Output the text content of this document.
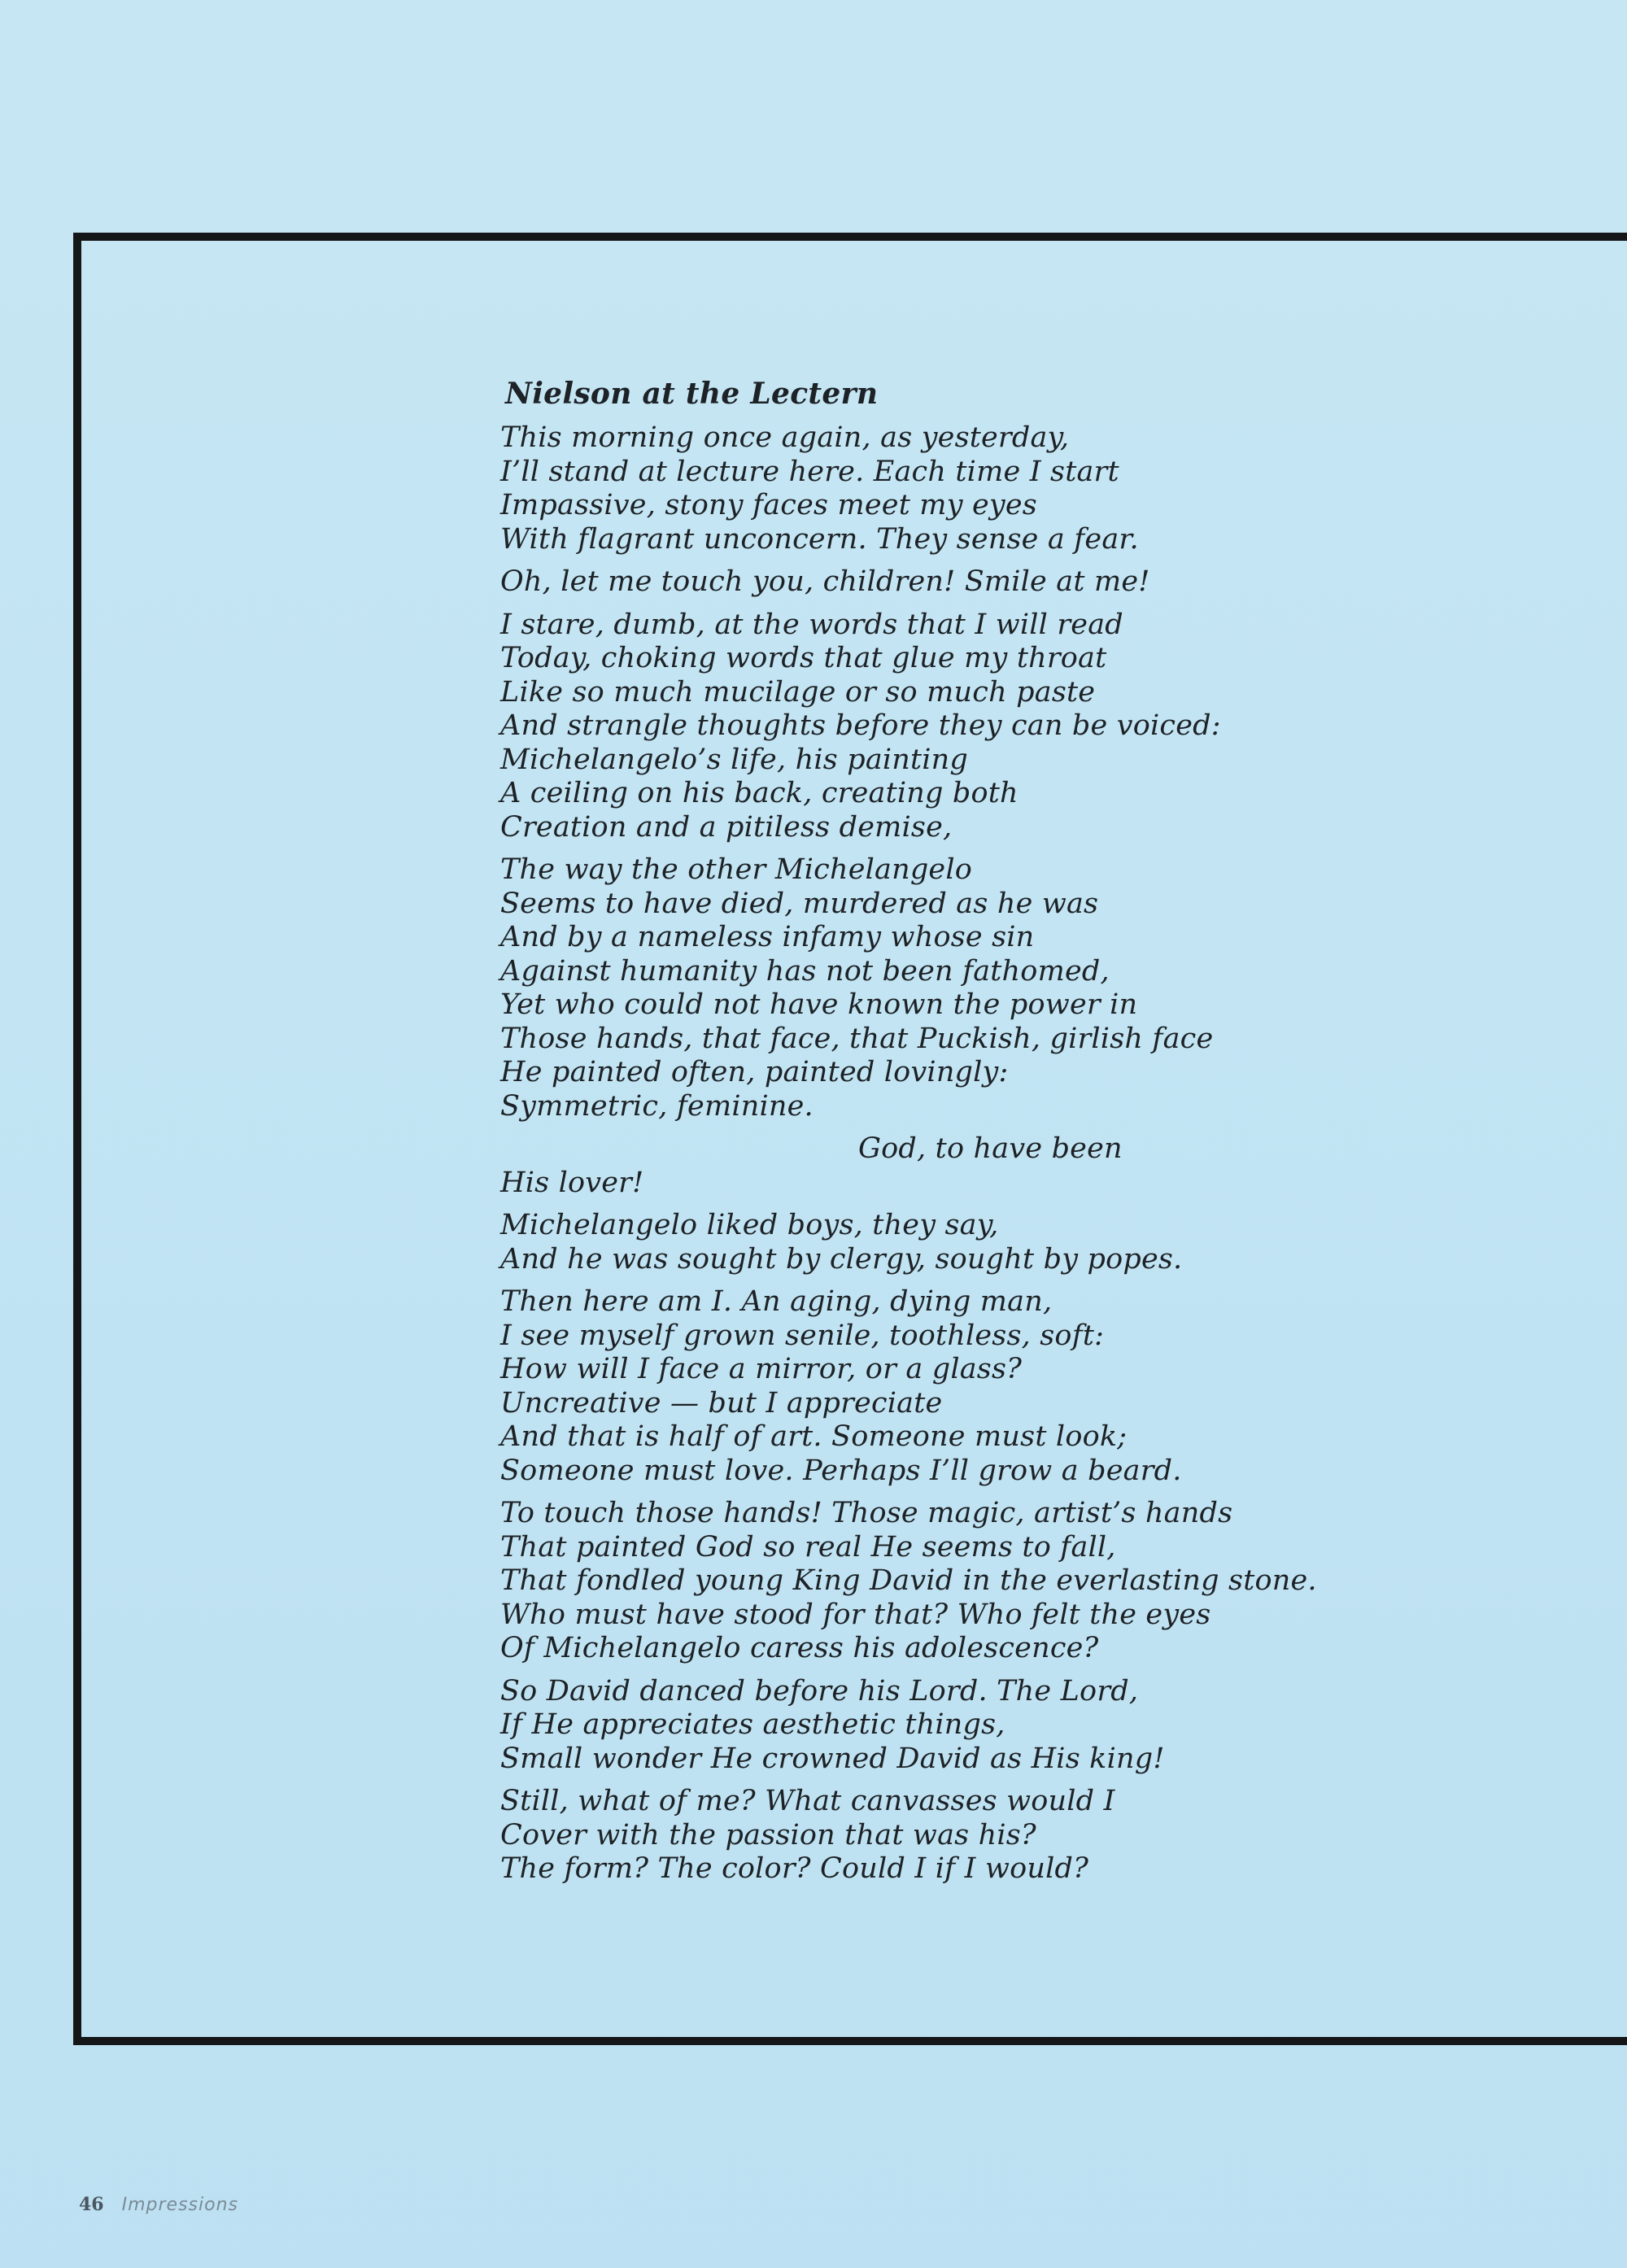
Nielson at the Lectern
This morning once again, as yesterday,
I’ll stand at lecture here. Each time I start
Impassive, stony faces meet my eyes
With flagrant unconcern. They sense a fear.
Oh, let me touch you, children! Smile at me!
I stare, dumb, at the words that I will read
Today, choking words that glue my throat
Like so much mucilage or so much paste
And strangle thoughts before they can be voiced:
Michelangelo’s life, his painting
A ceiling on his back, creating both
Creation and a pitiless demise,
The way the other Michelangelo
Seems to have died, murdered as he was
And by a nameless infamy whose sin
Against humanity has not been fathomed,
Yet who could not have known the power in
Those hands, that face, that Puckish, girlish face
He painted often, painted lovingly:
Symmetric, feminine.
God, to have been
His lover!
Michelangelo liked boys, they say,
And he was sought by clergy, sought by popes.
Then here am I. An aging, dying man,
I see myself grown senile, toothless, soft:
How will I face a mirror, or a glass?
Uncreative — but I appreciate
And that is half of art. Someone must look;
Someone must love. Perhaps I’ll grow a beard.
To touch those hands! Those magic, artist’s hands
That painted God so real He seems to fall,
That fondled young King David in the everlasting stone.
Who must have stood for that? Who felt the eyes
Of Michelangelo caress his adolescence?
So David danced before his Lord. The Lord,
If He appreciates aesthetic things,
Small wonder He crowned David as His king!
Still, what of me? What canvasses would I
Cover with the passion that was his?
The form? The color? Could I if I would?
46 Impressions
